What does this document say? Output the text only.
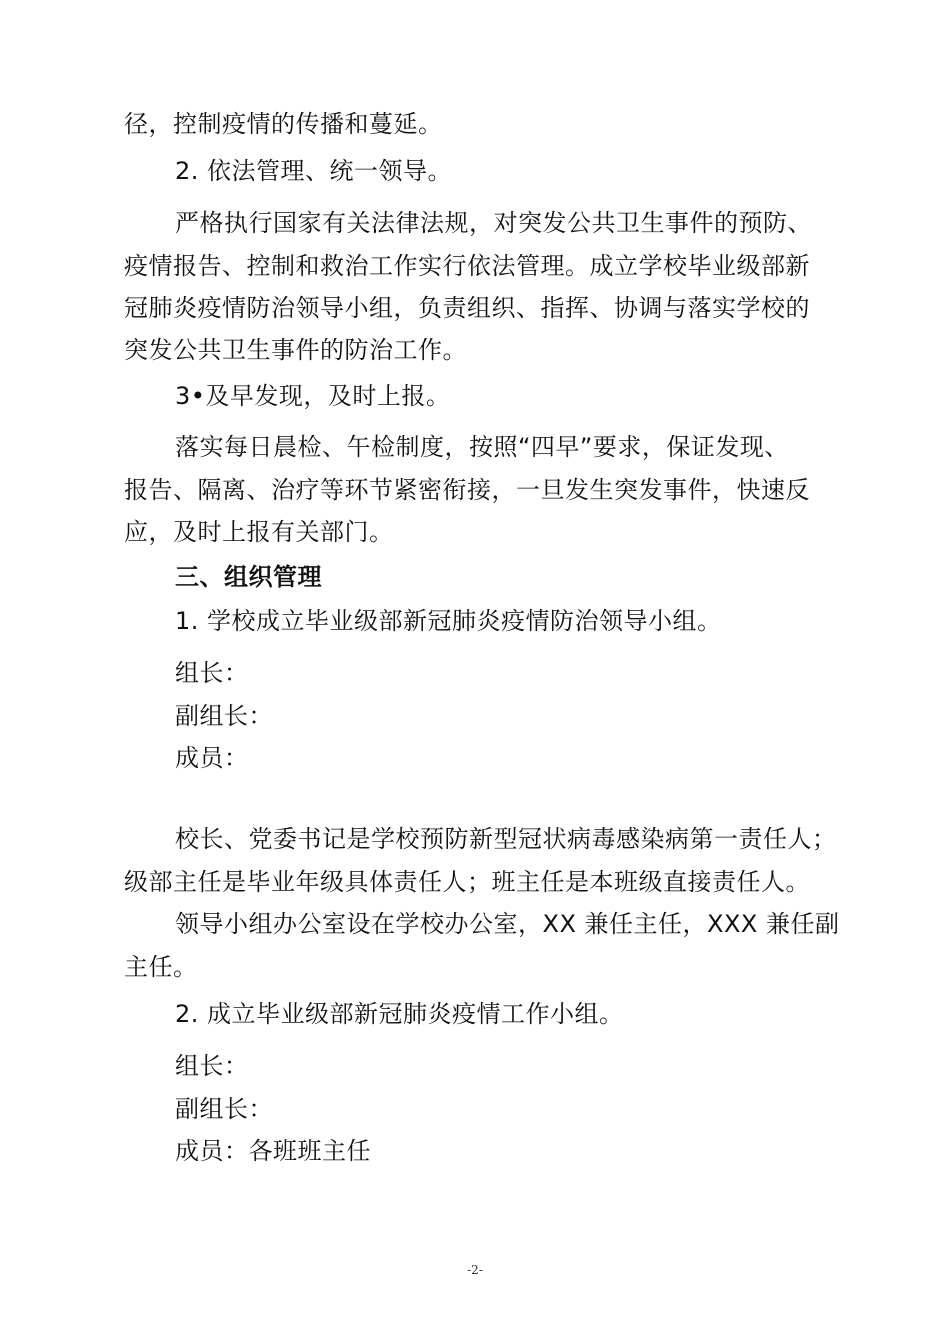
径，控制疫情的传播和蔓延。
2. 依法管理、统一领导。
严格执行国家有关法律法规，对突发公共卫生事件的预防、
疫情报告、控制和救治工作实行依法管理。成立学校毕业级部新
冠肺炎疫情防治领导小组，负责组织、指挥、协调与落实学校的
突发公共卫生事件的防治工作。
3•及早发现，及时上报。
落实每日晨检、午检制度，按照“四早”要求，保证发现、
报告、隔离、治疗等环节紧密衔接，一旦发生突发事件，快速反
应，及时上报有关部门。
三、组织管理
1. 学校成立毕业级部新冠肺炎疫情防治领导小组。
组长：
副组长：
成员：
校长、党委书记是学校预防新型冠状病毒感染病第一责任人；
级部主任是毕业年级具体责任人；班主任是本班级直接责任人。
领导小组办公室设在学校办公室，XX 兼任主任，XXX 兼任副
主任。
2. 成立毕业级部新冠肺炎疫情工作小组。
组长：
副组长：
成员：各班班主任
-2-
